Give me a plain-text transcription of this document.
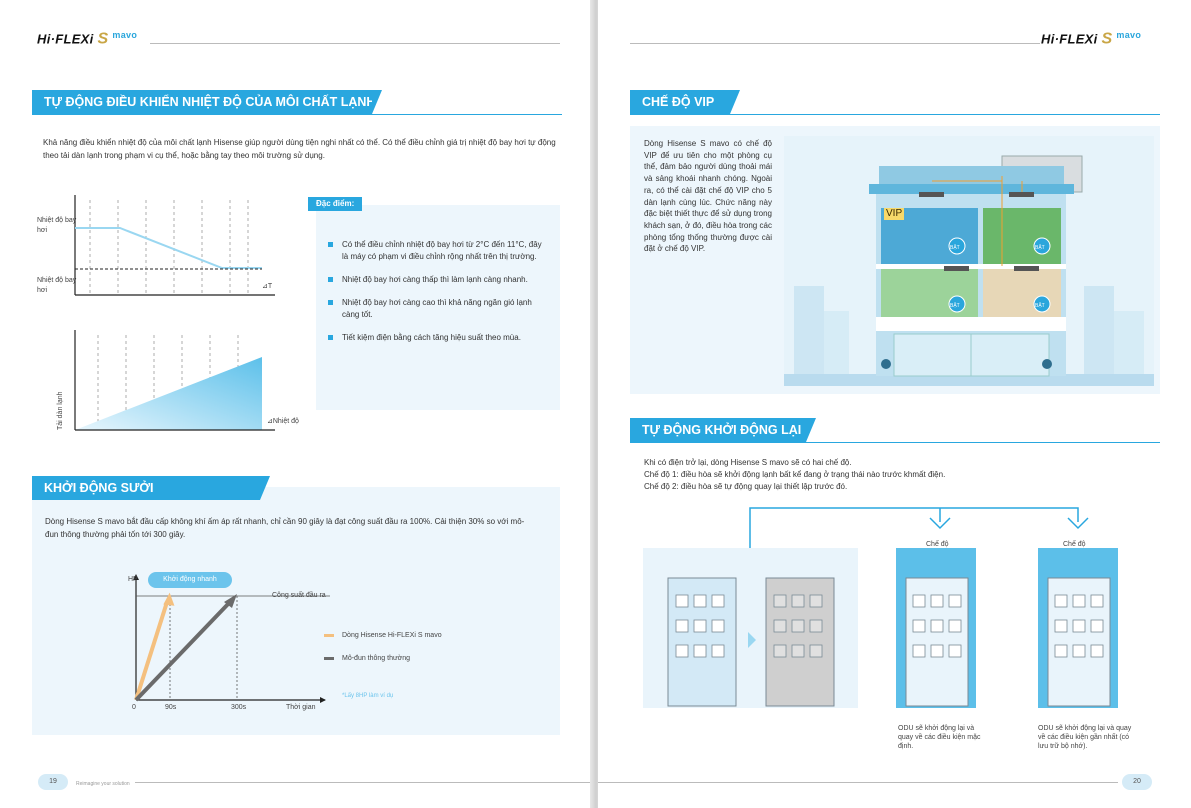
Hi·FLEXi S $^{mavo}$
TỰ ĐỘNG ĐIỀU KHIỂN NHIỆT ĐỘ CỦA MÔI CHẤT LẠNH
Khả năng điều khiển nhiệt độ của môi chất lạnh Hisense giúp người dùng tiện nghi nhất có thể. Có thể điều chỉnh giá trị nhiệt độ bay hơi tự động theo tải dàn lạnh trong phạm vi cụ thể, hoặc bằng tay theo môi trường sử dụng.
Nhiệt độ bay hơi
Nhiệt độ bay hơi
⊿T
Tải dàn lạnh	⊿Nhiệt độ
Có thể điều chỉnh nhiệt độ bay hơi từ 2°C đến 11°C, đây là máy có phạm vi điều chỉnh rộng nhất trên thị trường.
Nhiệt độ bay hơi càng thấp thì làm lạnh càng nhanh.
Nhiệt độ bay hơi càng cao thì khả năng ngăn gió lạnh càng tốt.
Tiết kiệm điện bằng cách tăng hiệu suất theo mùa.
Đặc điểm:
KHỞI ĐỘNG SƯỞI
Dòng Hisense S mavo bắt đầu cấp không khí ấm áp rất nhanh, chỉ cần 90 giây là đạt công suất đầu ra 100%. Cải thiện 30% so với mô-đun thông thường phải tốn tới 300 giây.
HP	Khởi động nhanh
Công suất đầu ra
0	90s	300s	Thời gian
Dòng Hisense Hi-FLEXi S mavo
Mô-đun thông thường
*Lấy 8HP làm ví dụ
19	Reimagine your solution
Hi·FLEXi S $^{mavo}$
CHẾ ĐỘ VIP
Dòng Hisense S mavo có chế độ VIP để ưu tiên cho một phòng cụ thể, đảm bảo người dùng thoải mái và sảng khoái nhanh chóng. Ngoài ra, có thể cài đặt chế độ VIP cho 5 dàn lạnh cùng lúc. Chức năng này đặc biệt thiết thực để sử dụng trong khách sạn, ở đó, điều hòa trong các phòng tổng thống thường được cài đặt ở chế độ VIP.
VIP
BẬT	BẬT
BẬT	BẬT
TỰ ĐỘNG KHỞI ĐỘNG LẠI
Khi có điện trở lại, dòng Hisense S mavo sẽ có hai chế độ.
Chế độ 1: điều hòa sẽ khởi động lạnh bất kể đang ở trạng thái nào trước khmất điện.
Chế độ 2: điều hòa sẽ tự động quay lại thiết lập trước đó.
Chế độ	Chế độ
ODU sẽ khởi động lại và quay về các điều kiện mặc định.
ODU sẽ khởi động lại và quay về các điều kiện gần nhất (có lưu trữ bộ nhớ).
20
